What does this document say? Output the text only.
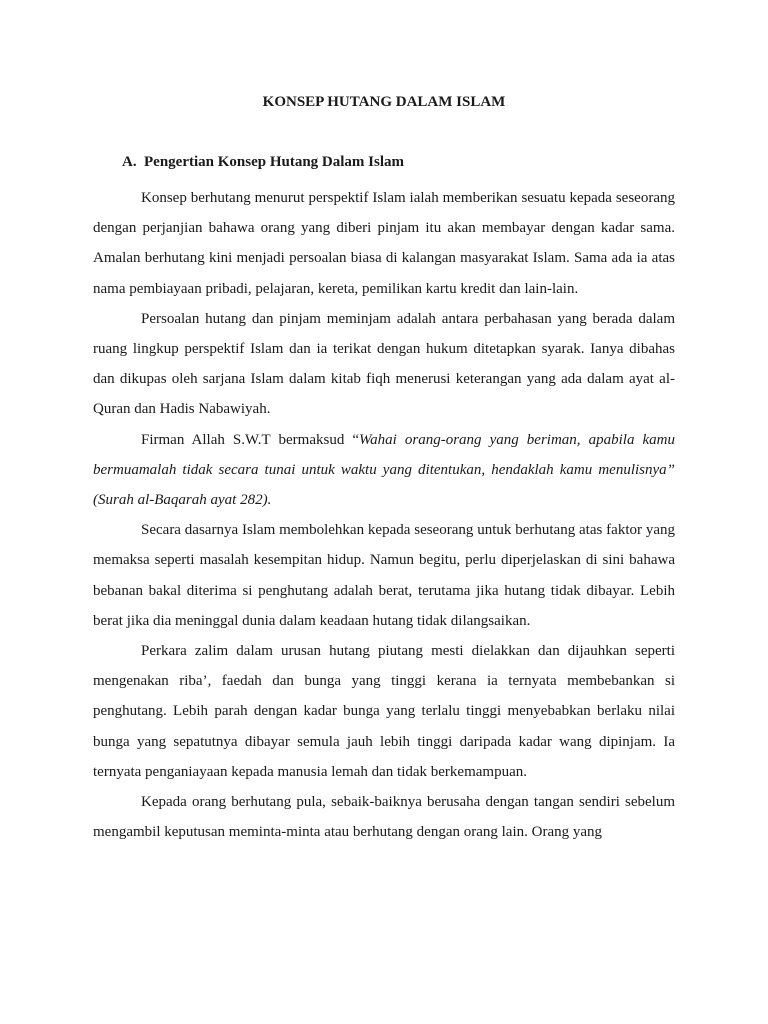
KONSEP HUTANG DALAM ISLAM
A. Pengertian Konsep Hutang Dalam Islam

Konsep berhutang menurut perspektif Islam ialah memberikan sesuatu kepada seseorang dengan perjanjian bahawa orang yang diberi pinjam itu akan membayar dengan kadar sama. Amalan berhutang kini menjadi persoalan biasa di kalangan masyarakat Islam. Sama ada ia atas nama pembiayaan pribadi, pelajaran, kereta, pemilikan kartu kredit dan lain-lain.

Persoalan hutang dan pinjam meminjam adalah antara perbahasan yang berada dalam ruang lingkup perspektif Islam dan ia terikat dengan hukum ditetapkan syarak. Ianya dibahas dan dikupas oleh sarjana Islam dalam kitab fiqh menerusi keterangan yang ada dalam ayat al-Quran dan Hadis Nabawiyah.

Firman Allah S.W.T bermaksud “Wahai orang-orang yang beriman, apabila kamu bermuamalah tidak secara tunai untuk waktu yang ditentukan, hendaklah kamu menulisnya” (Surah al-Baqarah ayat 282).

Secara dasarnya Islam membolehkan kepada seseorang untuk berhutang atas faktor yang memaksa seperti masalah kesempitan hidup. Namun begitu, perlu diperjelaskan di sini bahawa bebanan bakal diterima si penghutang adalah berat, terutama jika hutang tidak dibayar. Lebih berat jika dia meninggal dunia dalam keadaan hutang tidak dilangsaikan.

Perkara zalim dalam urusan hutang piutang mesti dielakkan dan dijauhkan seperti mengenakan riba’, faedah dan bunga yang tinggi kerana ia ternyata membebankan si penghutang. Lebih parah dengan kadar bunga yang terlalu tinggi menyebabkan berlaku nilai bunga yang sepatutnya dibayar semula jauh lebih tinggi daripada kadar wang dipinjam. Ia ternyata penganiayaan kepada manusia lemah dan tidak berkemampuan.

Kepada orang berhutang pula, sebaik-baiknya berusaha dengan tangan sendiri sebelum mengambil keputusan meminta-minta atau berhutang dengan orang lain. Orang yang
